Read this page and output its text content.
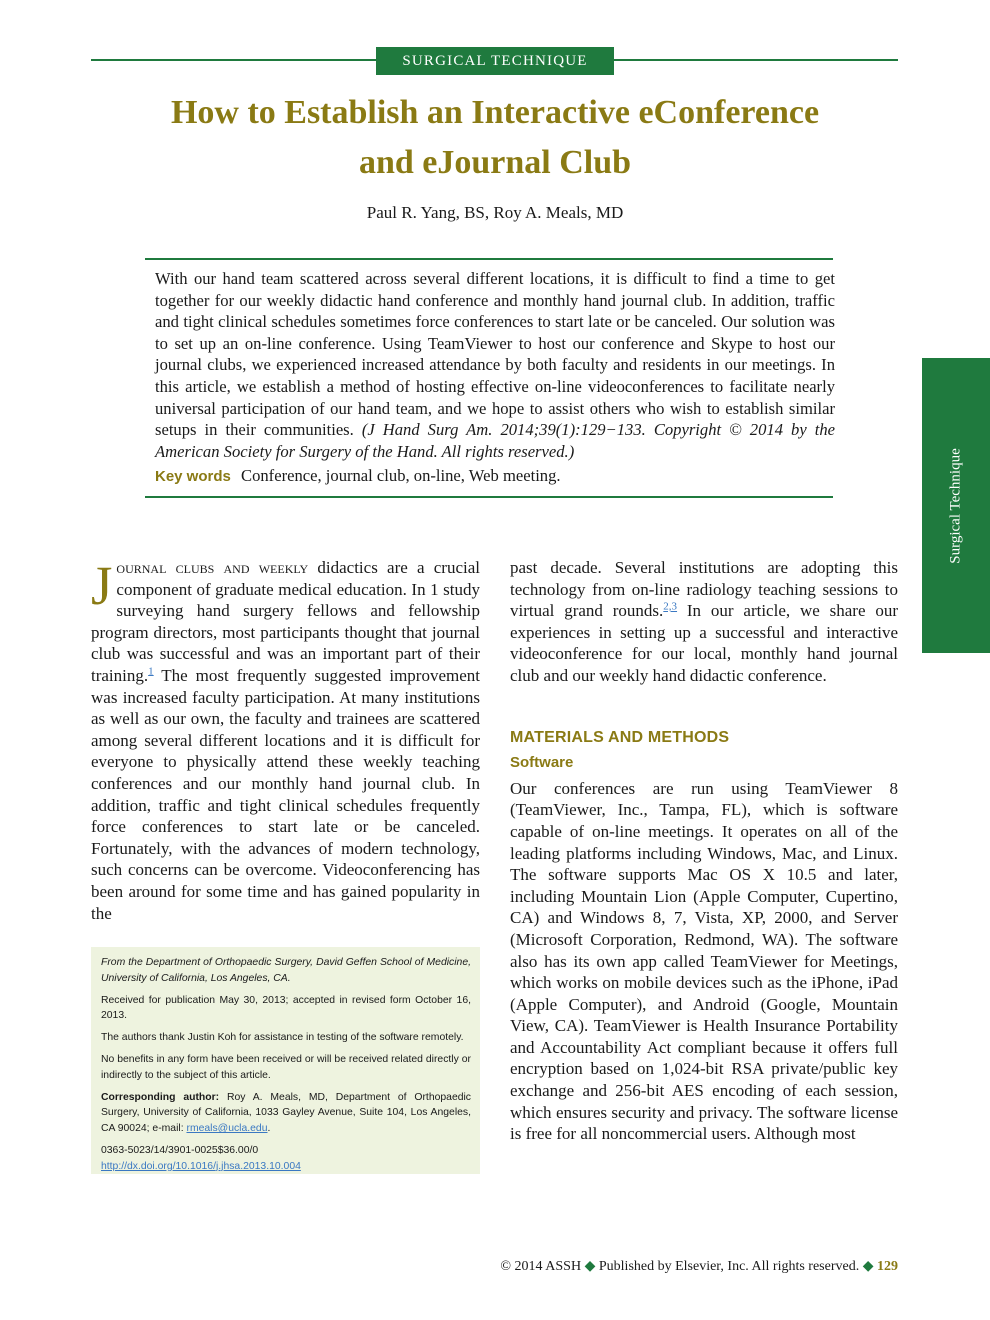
SURGICAL TECHNIQUE
How to Establish an Interactive eConference
and eJournal Club
Paul R. Yang, BS, Roy A. Meals, MD

With our hand team scattered across several different locations, it is difficult to find a time to get together for our weekly didactic hand conference and monthly hand journal club. In addition, traffic and tight clinical schedules sometimes force conferences to start late or be canceled. Our solution was to set up an on-line conference. Using TeamViewer to host our conference and Skype to host our journal clubs, we experienced increased attendance by both faculty and residents in our meetings. In this article, we establish a method of hosting effective on-line videoconferences to facilitate nearly universal participation of our hand team, and we hope to assist others who wish to establish similar setups in their communities. (J Hand Surg Am. 2014;39(1):129−133. Copyright © 2014 by the American Society for Surgery of the Hand. All rights reserved.)

Key words Conference, journal club, on-line, Web meeting.	Surgical Technique

Journal clubs and weekly didactics are a crucial component of graduate medical education. In 1 study surveying hand surgery fellows and fellowship program directors, most participants thought that journal club was successful and was an important part of their training.$^1$ The most frequently suggested improvement was increased faculty participation. At many institutions as well as our own, the faculty and trainees are scattered among several different locations and it is difficult for everyone to physically attend these weekly teaching conferences and our monthly hand journal club. In addition, traffic and tight clinical schedules frequently force conferences to start late or be canceled. Fortunately, with the advances of modern technology, such concerns can be overcome. Videoconferencing has been around for some time and has gained popularity in the

past decade. Several institutions are adopting this technology from on-line radiology teaching sessions to virtual grand rounds.$^{2,3}$ In our article, we share our experiences in setting up a successful and interactive videoconference for our local, monthly hand journal club and our weekly hand didactic conference.

MATERIALS AND METHODS
Software

Our conferences are run using TeamViewer 8 (TeamViewer, Inc., Tampa, FL), which is software capable of on-line meetings. It operates on all of the leading platforms including Windows, Mac, and Linux. The software supports Mac OS X 10.5 and later, including Mountain Lion (Apple Computer, Cupertino, CA) and Windows 8, 7, Vista, XP, 2000, and Server (Microsoft Corporation, Redmond, WA). The software also has its own app called TeamViewer for Meetings, which works on mobile devices such as the iPhone, iPad (Apple Computer), and Android (Google, Mountain View, CA). TeamViewer is Health Insurance Portability and Accountability Act compliant because it offers full encryption based on 1,024-bit RSA private/public key exchange and 256-bit AES encoding of each session, which ensures security and privacy. The software license is free for all noncommercial users. Although most

From the Department of Orthopaedic Surgery, David Geffen School of Medicine, University of California, Los Angeles, CA.

Received for publication May 30, 2013; accepted in revised form October 16, 2013.

The authors thank Justin Koh for assistance in testing of the software remotely.

No benefits in any form have been received or will be received related directly or indirectly to the subject of this article.

Corresponding author: Roy A. Meals, MD, Department of Orthopaedic Surgery, University of California, 1033 Gayley Avenue, Suite 104, Los Angeles, CA 90024; e-mail: rmeals@ucla.edu.

0363-5023/14/3901-0025$36.00/0
http://dx.doi.org/10.1016/j.jhsa.2013.10.004

© 2014 ASSH ◆ Published by Elsevier, Inc. All rights reserved. ◆ 129
